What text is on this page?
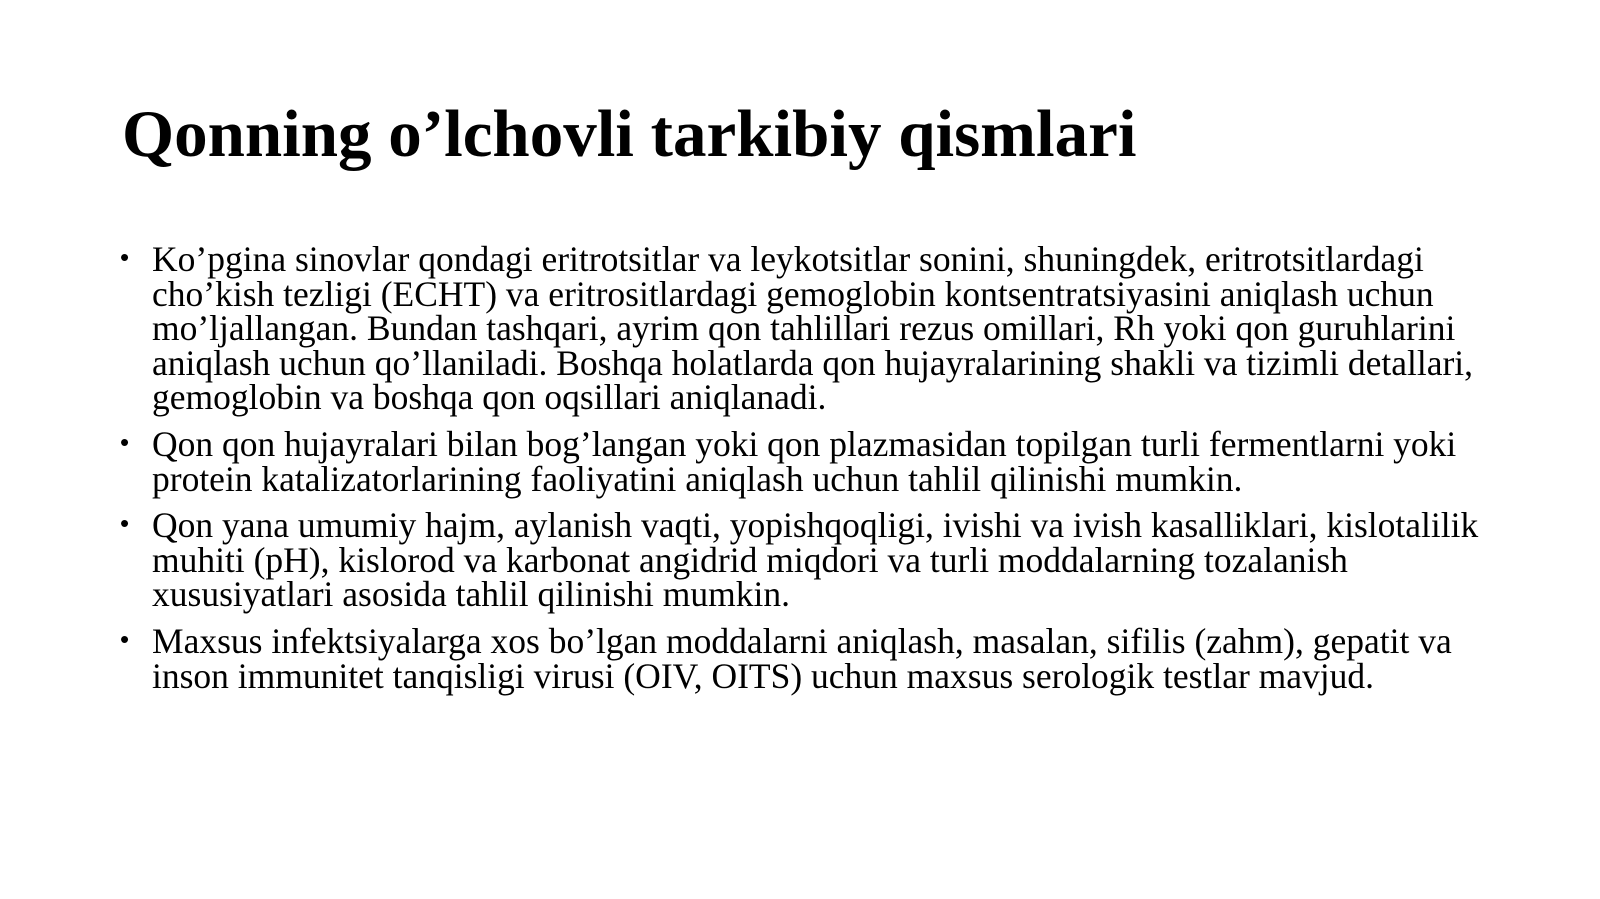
Qonning o’lchovli tarkibiy qismlari
• Ko’pgina sinovlar qondagi eritrotsitlar va leykotsitlar sonini, shuningdek, eritrotsitlardagi cho’kish tezligi (ECHT) va eritrositlardagi gemoglobin kontsentratsiyasini aniqlash uchun mo’ljallangan. Bundan tashqari, ayrim qon tahlillari rezus omillari, Rh yoki qon guruhlarini aniqlash uchun qo’llaniladi. Boshqa holatlarda qon hujayralarining shakli va tizimli detallari, gemoglobin va boshqa qon oqsillari aniqlanadi.
• Qon qon hujayralari bilan bog’langan yoki qon plazmasidan topilgan turli fermentlarni yoki protein katalizatorlarining faoliyatini aniqlash uchun tahlil qilinishi mumkin.
• Qon yana umumiy hajm, aylanish vaqti, yopishqoqligi, ivishi va ivish kasalliklari, kislotalilik muhiti (pH), kislorod va karbonat angidrid miqdori va turli moddalarning tozalanish xususiyatlari asosida tahlil qilinishi mumkin.
• Maxsus infektsiyalarga xos bo’lgan moddalarni aniqlash, masalan, sifilis (zahm), gepatit va inson immunitet tanqisligi virusi (OIV, OITS) uchun maxsus serologik testlar mavjud.
